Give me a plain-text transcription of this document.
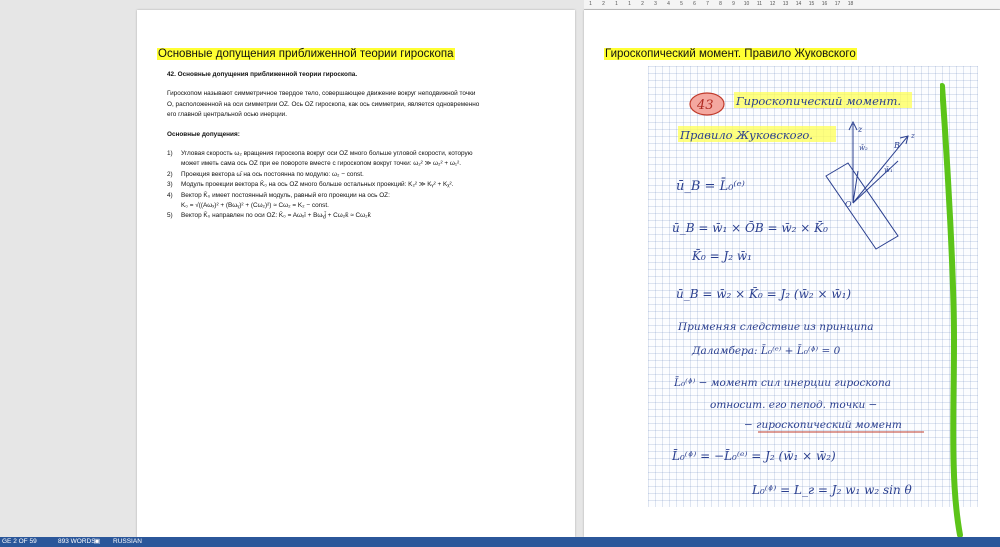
1 2 1 1 2 3 4 5 6 7 8 9 10 11 12 13 14 15 16 17 18
Основные допущения приближенной теории гироскопа

42. Основные допущения приближенной теории гироскопа.

Гироскопом называют симметричное твердое тело, совершающее движение вокруг неподвижной точки

O, расположенной на оси симметрии OZ. Ось OZ гироскопа, как ось симметрии, является одновременно

его главной центральной осью инерции.

Основные допущения:

1)	Угловая скорость ω₂ вращения гироскопа вокруг оси OZ много больше угловой скорости, которую
может иметь сама ось OZ при ее повороте вместе с гироскопом вокруг точки: ω₂² ≫ ω₂² + ω₁².
2)	Проекция вектора ω̄ на ось постоянна по модулю: ω₂ − const.
3)	Модуль проекции вектора K̄₀ на ось OZ много больше остальных проекций: K₂² ≫ Kᵧ² + Kᵪ².
4)	Вектор K̄₀ имеет постоянный модуль, равный его проекции на ось OZ:
K₀ = √((Aωₓ)² + (Bωᵧ)² + (Cω₂)²) ≈ Cω₂ = K₂ − const.
5)	Вектор K̄₀ направлен по оси OZ: K̄₀ = Aωₓī + Bωᵧj̄ + Cω₂k̄ ≈ Cω₂k̄
Гироскопический момент. Правило Жуковского
43 Гироскопический момент.
Правило Жуковского.	z
B
z
O
w̄₂
w̄₁
ū_B = L̄₀⁽ᵉ⁾
ū_B = w̄₁ × ŌB = w̄₂ × K̄₀
K̄₀ = J₂ w̄₁
ū_B = w̄₂ × K̄₀ = J₂ (w̄₂ × w̄₁)
Применяя следствие из принципа
Даламбера: L̄₀⁽ᵉ⁾ + L̄₀⁽ᶲ⁾ = 0
L̄₀⁽ᶲ⁾ − момент сил инерции гироскопа
относит. его neпод. точки −
− гироскопический момент
L̄₀⁽ᶲ⁾ = −L̄₀⁽ᵉ⁾ = J₂ (w̄₁ × w̄₂)
L₀⁽ᶲ⁾ = L_г = J₂ w₁ w₂ sin θ
GE 2 OF 59	893 WORDS
▣ RUSSIAN
